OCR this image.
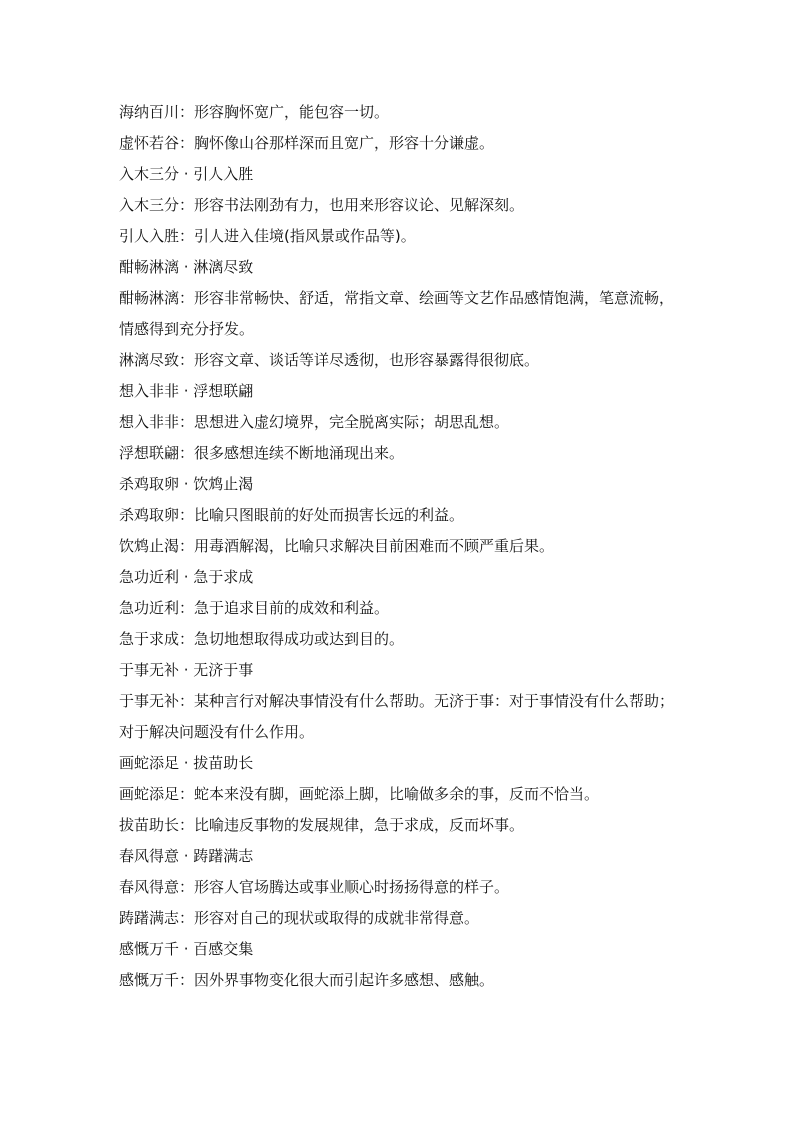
海纳百川：形容胸怀宽广，能包容一切。

虚怀若谷：胸怀像山谷那样深而且宽广，形容十分谦虚。

入木三分 · 引人入胜

入木三分：形容书法刚劲有力，也用来形容议论、见解深刻。

引人入胜：引人进入佳境(指风景或作品等)。

酣畅淋漓 · 淋漓尽致

酣畅淋漓：形容非常畅快、舒适，常指文章、绘画等文艺作品感情饱满，笔意流畅，情感得到充分抒发。

淋漓尽致：形容文章、谈话等详尽透彻，也形容暴露得很彻底。

想入非非 · 浮想联翩

想入非非：思想进入虚幻境界，完全脱离实际；胡思乱想。

浮想联翩：很多感想连续不断地涌现出来。

杀鸡取卵 · 饮鸩止渴

杀鸡取卵：比喻只图眼前的好处而损害长远的利益。

饮鸩止渴：用毒酒解渴，比喻只求解决目前困难而不顾严重后果。

急功近利 · 急于求成

急功近利：急于追求目前的成效和利益。

急于求成：急切地想取得成功或达到目的。

于事无补 · 无济于事

于事无补：某种言行对解决事情没有什么帮助。无济于事：对于事情没有什么帮助；对于解决问题没有什么作用。

画蛇添足 · 拔苗助长

画蛇添足：蛇本来没有脚，画蛇添上脚，比喻做多余的事，反而不恰当。

拔苗助长：比喻违反事物的发展规律，急于求成，反而坏事。

春风得意 · 踌躇满志

春风得意：形容人官场腾达或事业顺心时扬扬得意的样子。

踌躇满志：形容对自己的现状或取得的成就非常得意。

感慨万千 · 百感交集

感慨万千：因外界事物变化很大而引起许多感想、感触。
